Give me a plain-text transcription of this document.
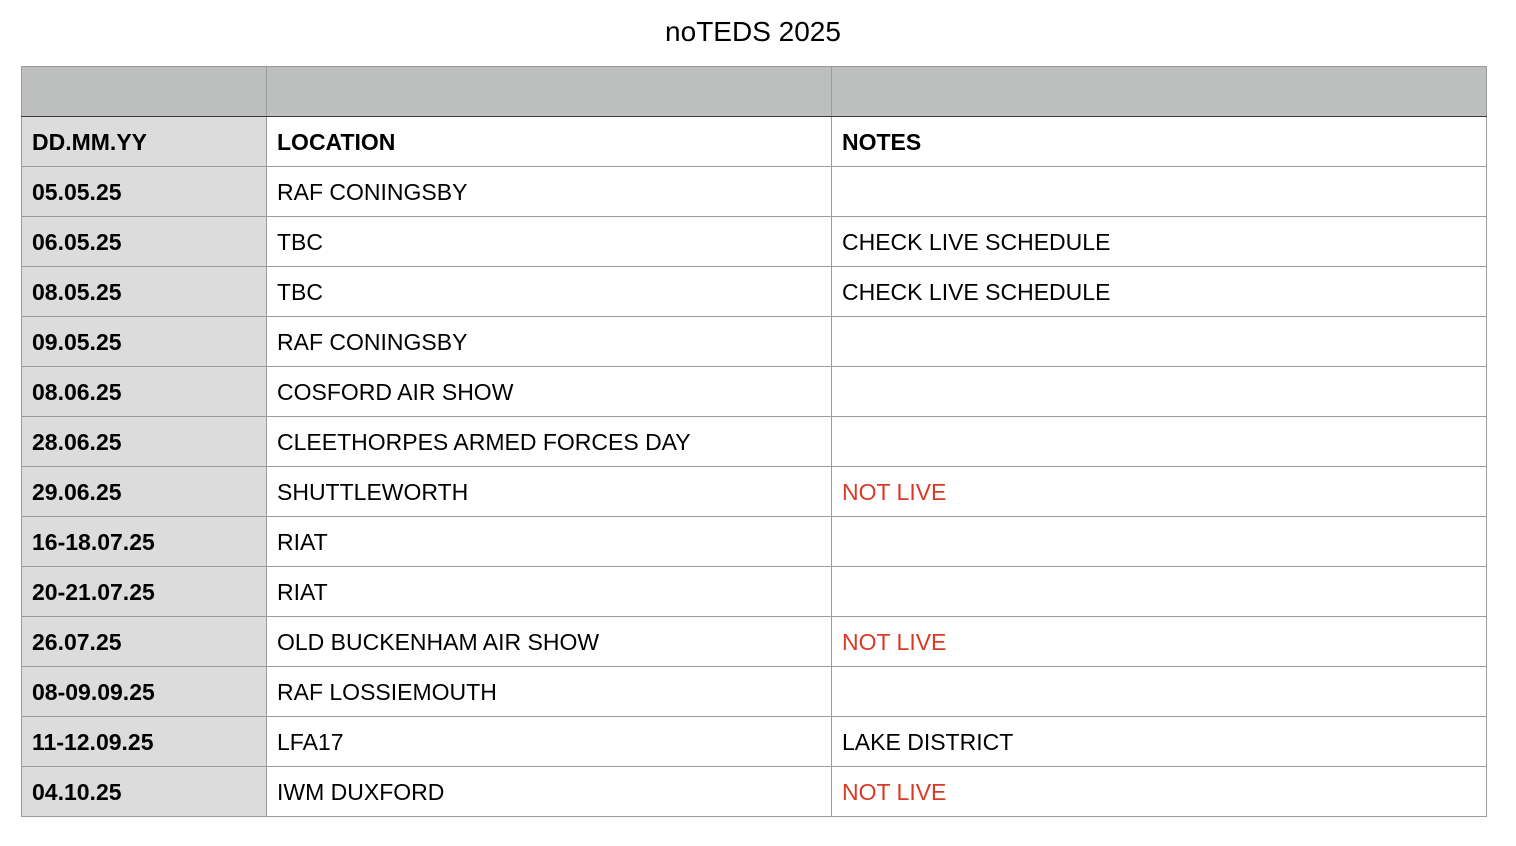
noTEDS 2025

DD.MM.YY	LOCATION	NOTES
05.05.25	RAF CONINGSBY	
06.05.25	TBC	CHECK LIVE SCHEDULE
08.05.25	TBC	CHECK LIVE SCHEDULE
09.05.25	RAF CONINGSBY	
08.06.25	COSFORD AIR SHOW	
28.06.25	CLEETHORPES ARMED FORCES DAY	
29.06.25	SHUTTLEWORTH	NOT LIVE
16-18.07.25	RIAT	
20-21.07.25	RIAT	
26.07.25	OLD BUCKENHAM AIR SHOW	NOT LIVE
08-09.09.25	RAF LOSSIEMOUTH	
11-12.09.25	LFA17	LAKE DISTRICT
04.10.25	IWM DUXFORD	NOT LIVE
